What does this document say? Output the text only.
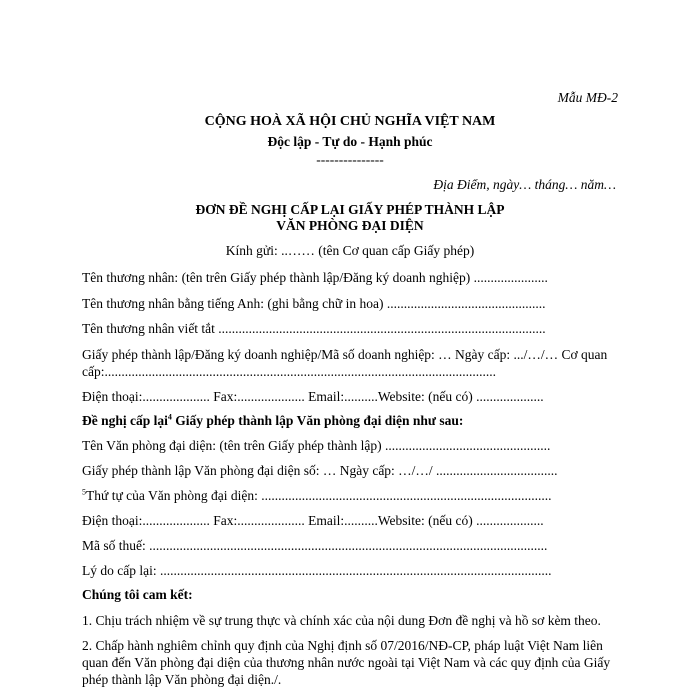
Mẫu MĐ-2
CỘNG HOÀ XÃ HỘI CHỦ NGHĨA VIỆT NAM
Độc lập - Tự do - Hạnh phúc
---------------
Địa Điểm, ngày… tháng… năm…
ĐƠN ĐỀ NGHỊ CẤP LẠI GIẤY PHÉP THÀNH LẬP
VĂN PHÒNG ĐẠI DIỆN
Kính gửi: ..…… (tên Cơ quan cấp Giấy phép)
Tên thương nhân: (tên trên Giấy phép thành lập/Đăng ký doanh nghiệp) ......................
Tên thương nhân bằng tiếng Anh: (ghi bằng chữ in hoa) ...............................................
Tên thương nhân viết tắt .................................................................................................
Giấy phép thành lập/Đăng ký doanh nghiệp/Mã số doanh nghiệp: … Ngày cấp: .../…/… Cơ quan cấp:....................................................................................................................
Điện thoại:.................... Fax:.................... Email:..........Website: (nếu có) ....................
Đề nghị cấp lại$^4$ Giấy phép thành lập Văn phòng đại diện như sau:
Tên Văn phòng đại diện: (tên trên Giấy phép thành lập) .................................................
Giấy phép thành lập Văn phòng đại diện số: … Ngày cấp: …/…/ ....................................
$^5$Thứ tự của Văn phòng đại diện: ......................................................................................
Điện thoại:.................... Fax:.................... Email:..........Website: (nếu có) ....................
Mã số thuế: ......................................................................................................................
Lý do cấp lại: ....................................................................................................................
Chúng tôi cam kết:
1. Chịu trách nhiệm về sự trung thực và chính xác của nội dung Đơn đề nghị và hồ sơ kèm theo.
2. Chấp hành nghiêm chỉnh quy định của Nghị định số 07/2016/NĐ-CP, pháp luật Việt Nam liên quan đến Văn phòng đại diện của thương nhân nước ngoài tại Việt Nam và các quy định của Giấy phép thành lập Văn phòng đại diện./.
